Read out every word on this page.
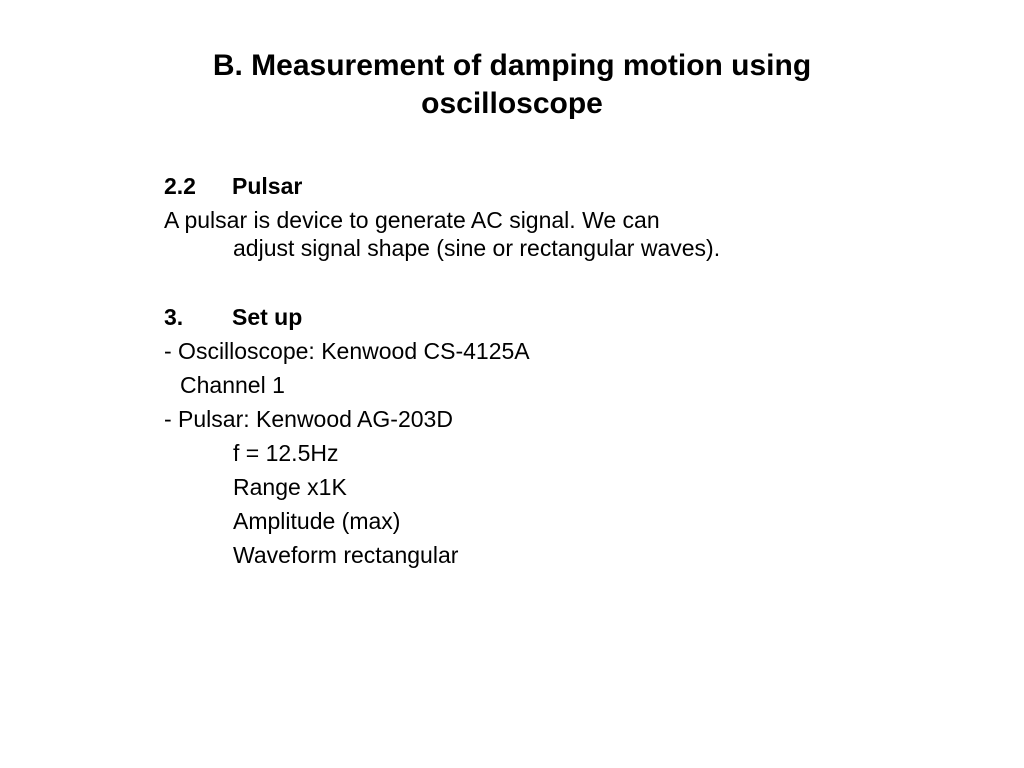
B. Measurement of damping motion using
oscilloscope
2.2 Pulsar
A pulsar is device to generate AC signal. We can
adjust signal shape (sine or rectangular waves).
3. Set up
- Oscilloscope: Kenwood CS-4125A
Channel 1
- Pulsar: Kenwood AG-203D
f = 12.5Hz
Range x1K
Amplitude (max)
Waveform rectangular
